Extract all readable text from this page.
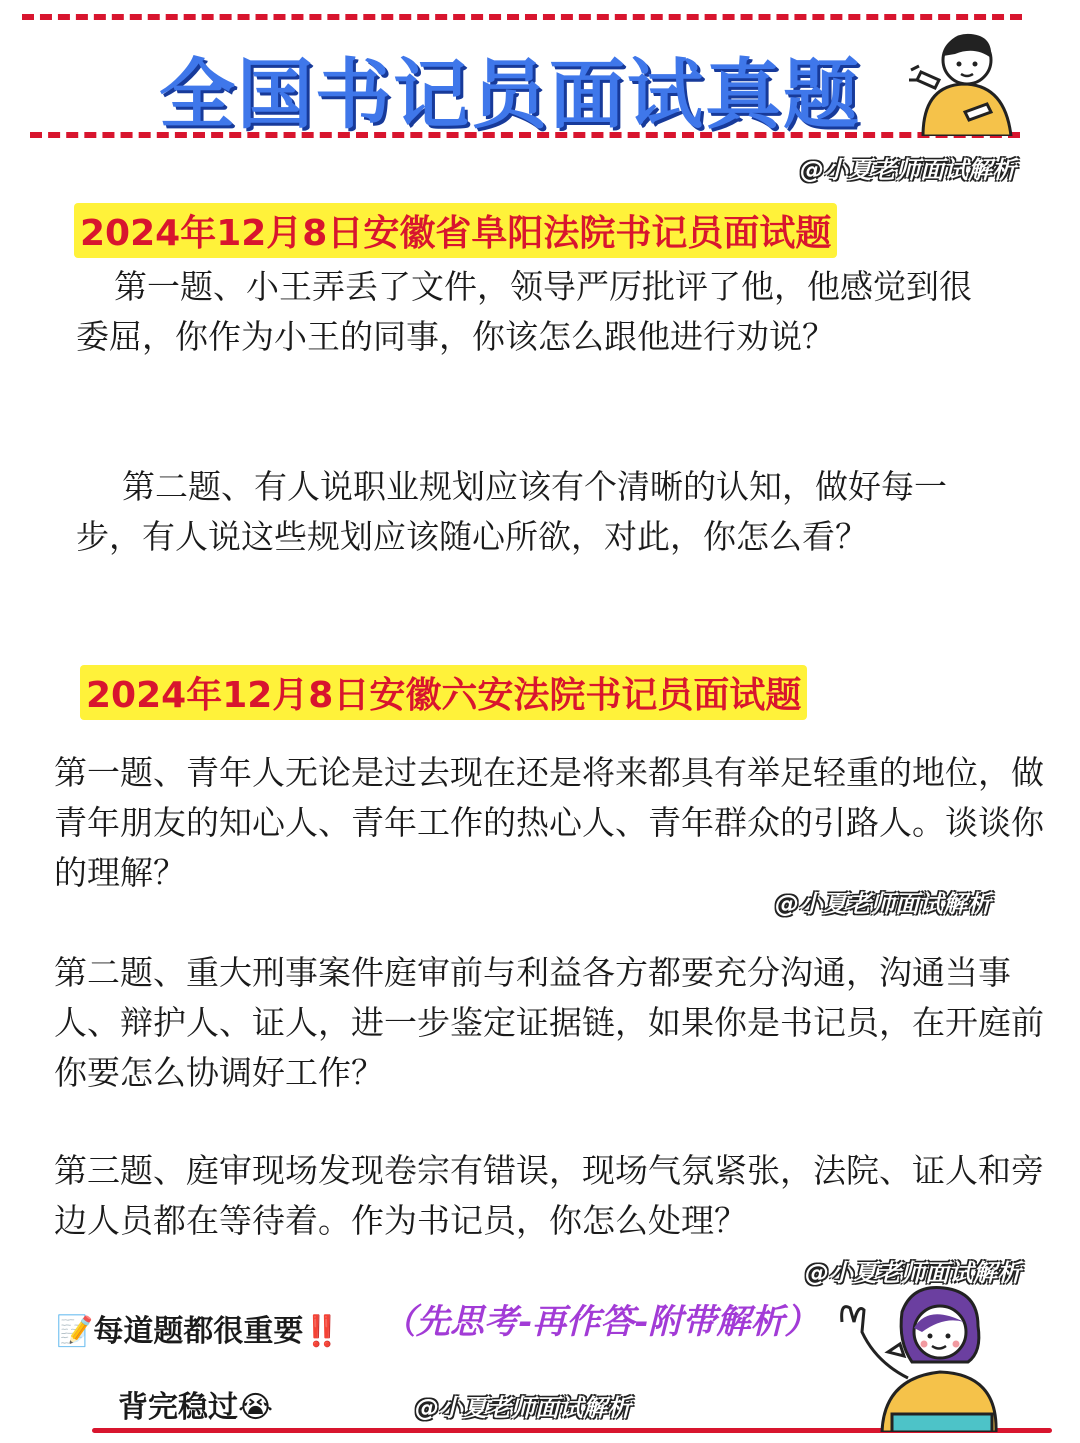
全国书记员面试真题
@小夏老师面试解析
2024年12月8日安徽省阜阳法院书记员面试题

第一题、小王弄丢了文件，领导严厉批评了他，他感觉到很委屈，你作为小王的同事，你该怎么跟他进行劝说？

第二题、有人说职业规划应该有个清晰的认知，做好每一步，有人说这些规划应该随心所欲，对此，你怎么看？

2024年12月8日安徽六安法院书记员面试题

第一题、青年人无论是过去现在还是将来都具有举足轻重的地位，做青年朋友的知心人、青年工作的热心人、青年群众的引路人。谈谈你的理解？

@小夏老师面试解析

第二题、重大刑事案件庭审前与利益各方都要充分沟通，沟通当事人、辩护人、证人，进一步鉴定证据链，如果你是书记员，在开庭前你要怎么协调好工作？

第三题、庭审现场发现卷宗有错误，现场气氛紧张，法院、证人和旁边人员都在等待着。作为书记员，你怎么处理？

@小夏老师面试解析
📝每道题都很重要‼️ （先思考-再作答-附带解析）
背完稳过😭	@小夏老师面试解析
